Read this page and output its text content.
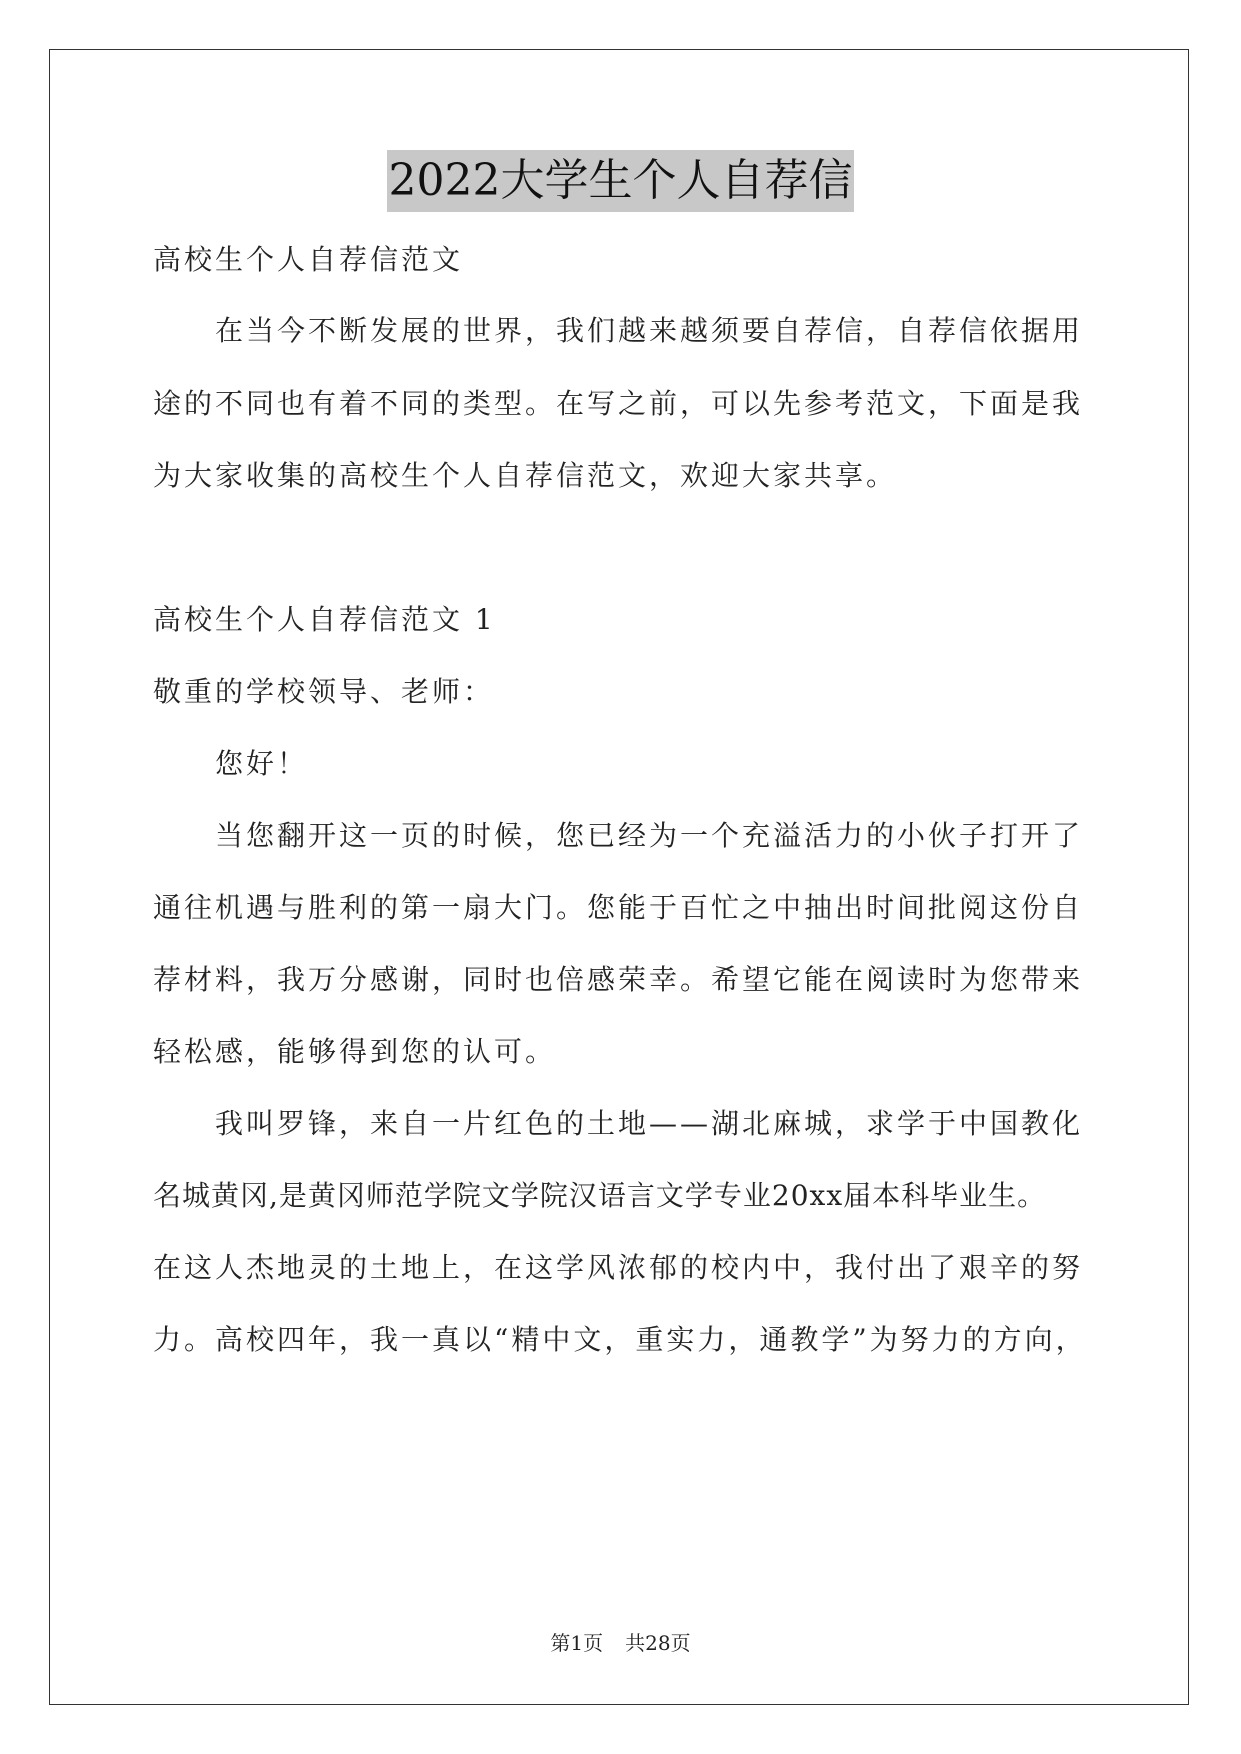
2022大学生个人自荐信
高校生个人自荐信范文
在当今不断发展的世界，我们越来越须要自荐信，自荐信依据用
途的不同也有着不同的类型。在写之前，可以先参考范文，下面是我
为大家收集的高校生个人自荐信范文，欢迎大家共享。
高校生个人自荐信范文 1
敬重的学校领导、老师：
您好！
当您翻开这一页的时候，您已经为一个充溢活力的小伙子打开了
通往机遇与胜利的第一扇大门。您能于百忙之中抽出时间批阅这份自
荐材料，我万分感谢，同时也倍感荣幸。希望它能在阅读时为您带来
轻松感，能够得到您的认可。
我叫罗锋，来自一片红色的土地——湖北麻城，求学于中国教化
名城黄冈,是黄冈师范学院文学院汉语言文学专业20xx届本科毕业生。
在这人杰地灵的土地上，在这学风浓郁的校内中，我付出了艰辛的努
力。高校四年，我一真以“精中文，重实力，通教学”为努力的方向，
第1页 共28页
